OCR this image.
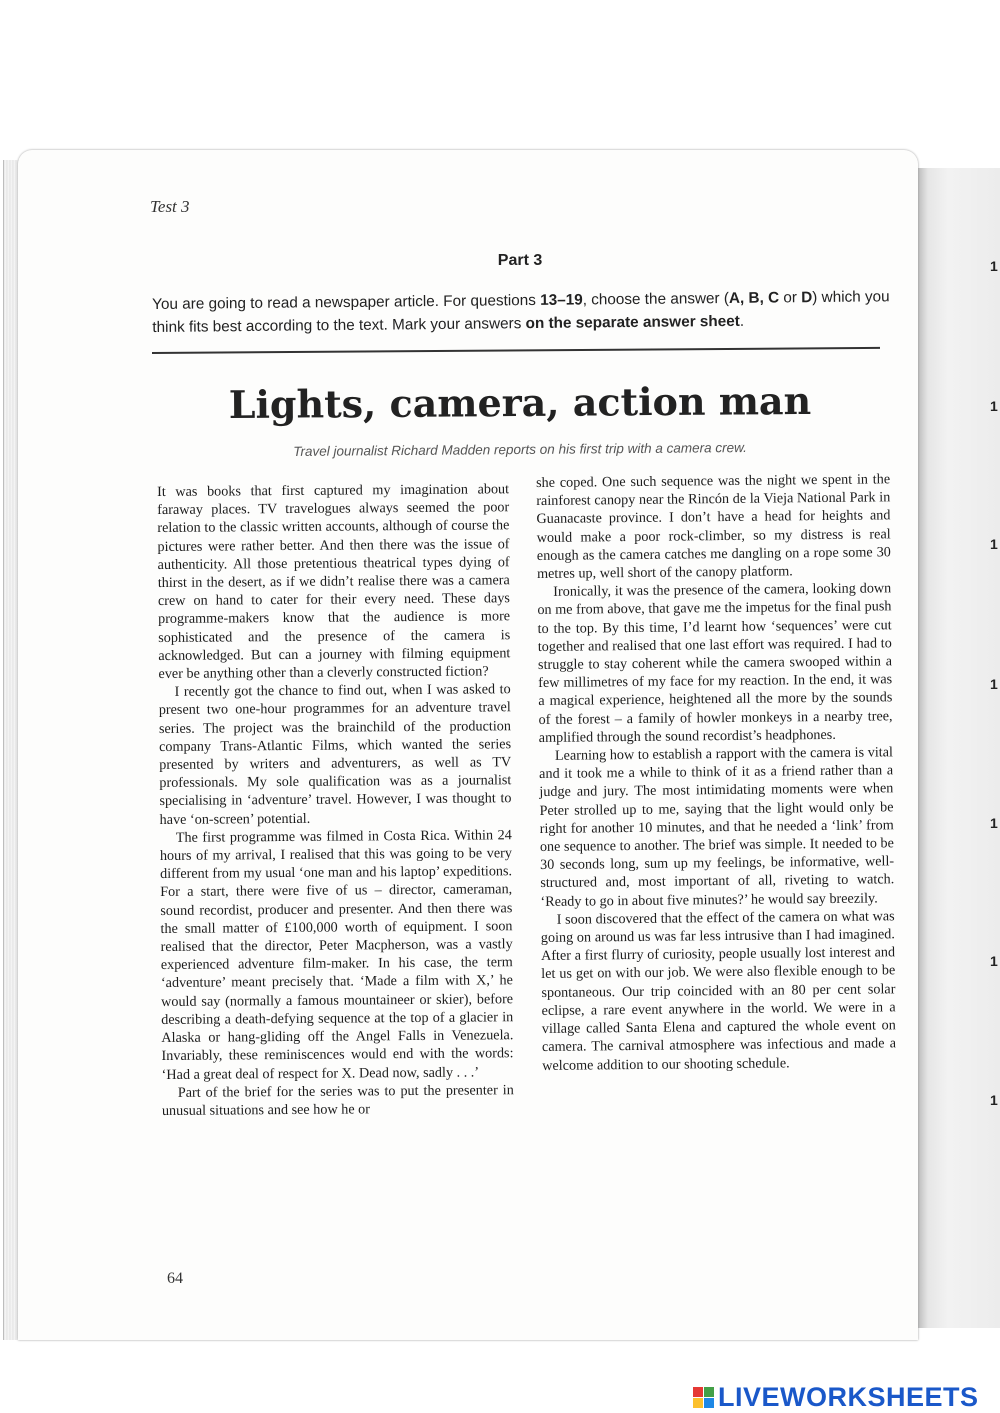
1
1
1
1
1
1
1
Test 3
Part 3
You are going to read a newspaper article. For questions 13–19, choose the answer (A, B, C or D) which you think fits best according to the text. Mark your answers on the separate answer sheet.
Lights, camera, action man
Travel journalist Richard Madden reports on his first trip with a camera crew.

It was books that first captured my imagination about faraway places. TV travelogues always seemed the poor relation to the classic written accounts, although of course the pictures were rather better. And then there was the issue of authenticity. All those pretentious theatrical types dying of thirst in the desert, as if we didn’t realise there was a camera crew on hand to cater for their every need. These days programme-makers know that the audience is more sophisticated and the presence of the camera is acknowledged. But can a journey with filming equipment ever be anything other than a cleverly constructed fiction?

I recently got the chance to find out, when I was asked to present two one-hour programmes for an adventure travel series. The project was the brainchild of the production company Trans-Atlantic Films, which wanted the series presented by writers and adventurers, as well as TV professionals. My sole qualification was as a journalist specialising in ‘adventure’ travel. However, I was thought to have ‘on-screen’ potential.

The first programme was filmed in Costa Rica. Within 24 hours of my arrival, I realised that this was going to be very different from my usual ‘one man and his laptop’ expeditions. For a start, there were five of us – director, cameraman, sound recordist, producer and presenter. And then there was the small matter of £100,000 worth of equipment. I soon realised that the director, Peter Macpherson, was a vastly experienced adventure film-maker. In his case, the term ‘adventure’ meant precisely that. ‘Made a film with X,’ he would say (normally a famous mountaineer or skier), before describing a death-defying sequence at the top of a glacier in Alaska or hang-gliding off the Angel Falls in Venezuela. Invariably, these reminiscences would end with the words: ‘Had a great deal of respect for X. Dead now, sadly . . .’

Part of the brief for the series was to put the presenter in unusual situations and see how he or

she coped. One such sequence was the night we spent in the rainforest canopy near the Rincón de la Vieja National Park in Guanacaste province. I don’t have a head for heights and would make a poor rock-climber, so my distress is real enough as the camera catches me dangling on a rope some 30 metres up, well short of the canopy platform.

Ironically, it was the presence of the camera, looking down on me from above, that gave me the impetus for the final push to the top. By this time, I’d learnt how ‘sequences’ were cut together and realised that one last effort was required. I had to struggle to stay coherent while the camera swooped within a few millimetres of my face for my reaction. In the end, it was a magical experience, heightened all the more by the sounds of the forest – a family of howler monkeys in a nearby tree, amplified through the sound recordist’s headphones.

Learning how to establish a rapport with the camera is vital and it took me a while to think of it as a friend rather than a judge and jury. The most intimidating moments were when Peter strolled up to me, saying that the light would only be right for another 10 minutes, and that he needed a ‘link’ from one sequence to another. The brief was simple. It needed to be 30 seconds long, sum up my feelings, be informative, well-structured and, most important of all, riveting to watch. ‘Ready to go in about five minutes?’ he would say breezily.

I soon discovered that the effect of the camera on what was going on around us was far less intrusive than I had imagined. After a first flurry of curiosity, people usually lost interest and let us get on with our job. We were also flexible enough to be spontaneous. Our trip coincided with an 80 per cent solar eclipse, a rare event anywhere in the world. We were in a village called Santa Elena and captured the whole event on camera. The carnival atmosphere was infectious and made a welcome addition to our shooting schedule.

64
LIVEWORKSHEETS
